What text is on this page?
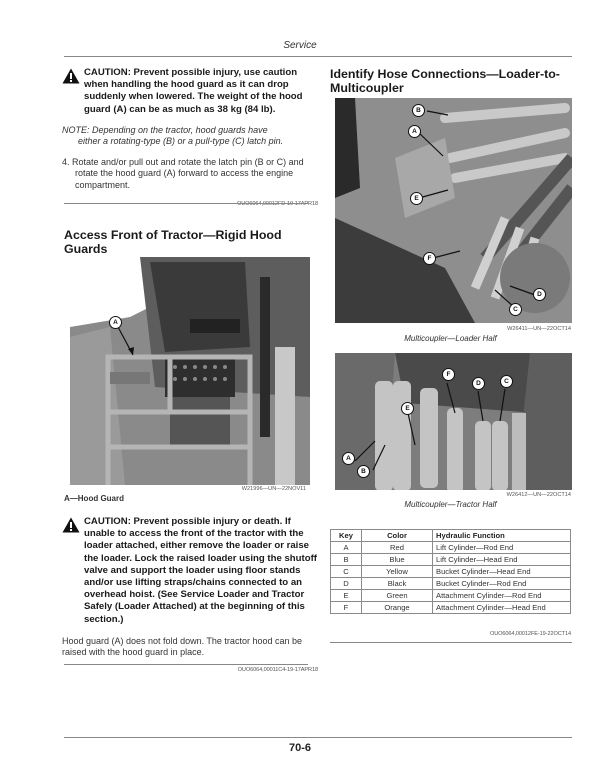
Service
CAUTION: Prevent possible injury, use caution when handling the hood guard as it can drop suddenly when lowered. The weight of the hood guard (A) can be as much as 38 kg (84 lb).
NOTE: Depending on the tractor, hood guards have
either a rotating-type (B) or a pull-type (C) latch pin.
4. Rotate and/or pull out and rotate the latch pin (B or C) and rotate the hood guard (A) forward to access the engine compartment.
OUO6064,00012FD-19-17APR18
Access Front of Tractor—Rigid Hood Guards
A
W21996—UN—22NOV11
A—Hood Guard
CAUTION: Prevent possible injury or death. If unable to access the front of the tractor with the loader attached, either remove the loader or raise the loader. Lock the raised loader using the shutoff valve and support the loader using floor stands and/or use lifting straps/chains connected to an overhead hoist. (See Service Loader and Tractor Safely (Loader Attached) at the beginning of this section.)
Hood guard (A) does not fold down. The tractor hood can be raised with the hood guard in place.
OUO6064,00011C4-19-17APR18
Identify Hose Connections—Loader-to-Multicoupler
B
A
E
F
D
C
W26411—UN—22OCT14
Multicoupler—Loader Half
F
D	C
E
A
B
W26412—UN—22OCT14
Multicoupler—Tractor Half
Key	Color	Hydraulic Function
A	Red	Lift Cylinder—Rod End
B	Blue	Lift Cylinder—Head End
C	Yellow	Bucket Cylinder—Head End
D	Black	Bucket Cylinder—Rod End
E	Green	Attachment Cylinder—Rod End
F	Orange	Attachment Cylinder—Head End
OUO6064,00012FE-19-22OCT14
70-6
